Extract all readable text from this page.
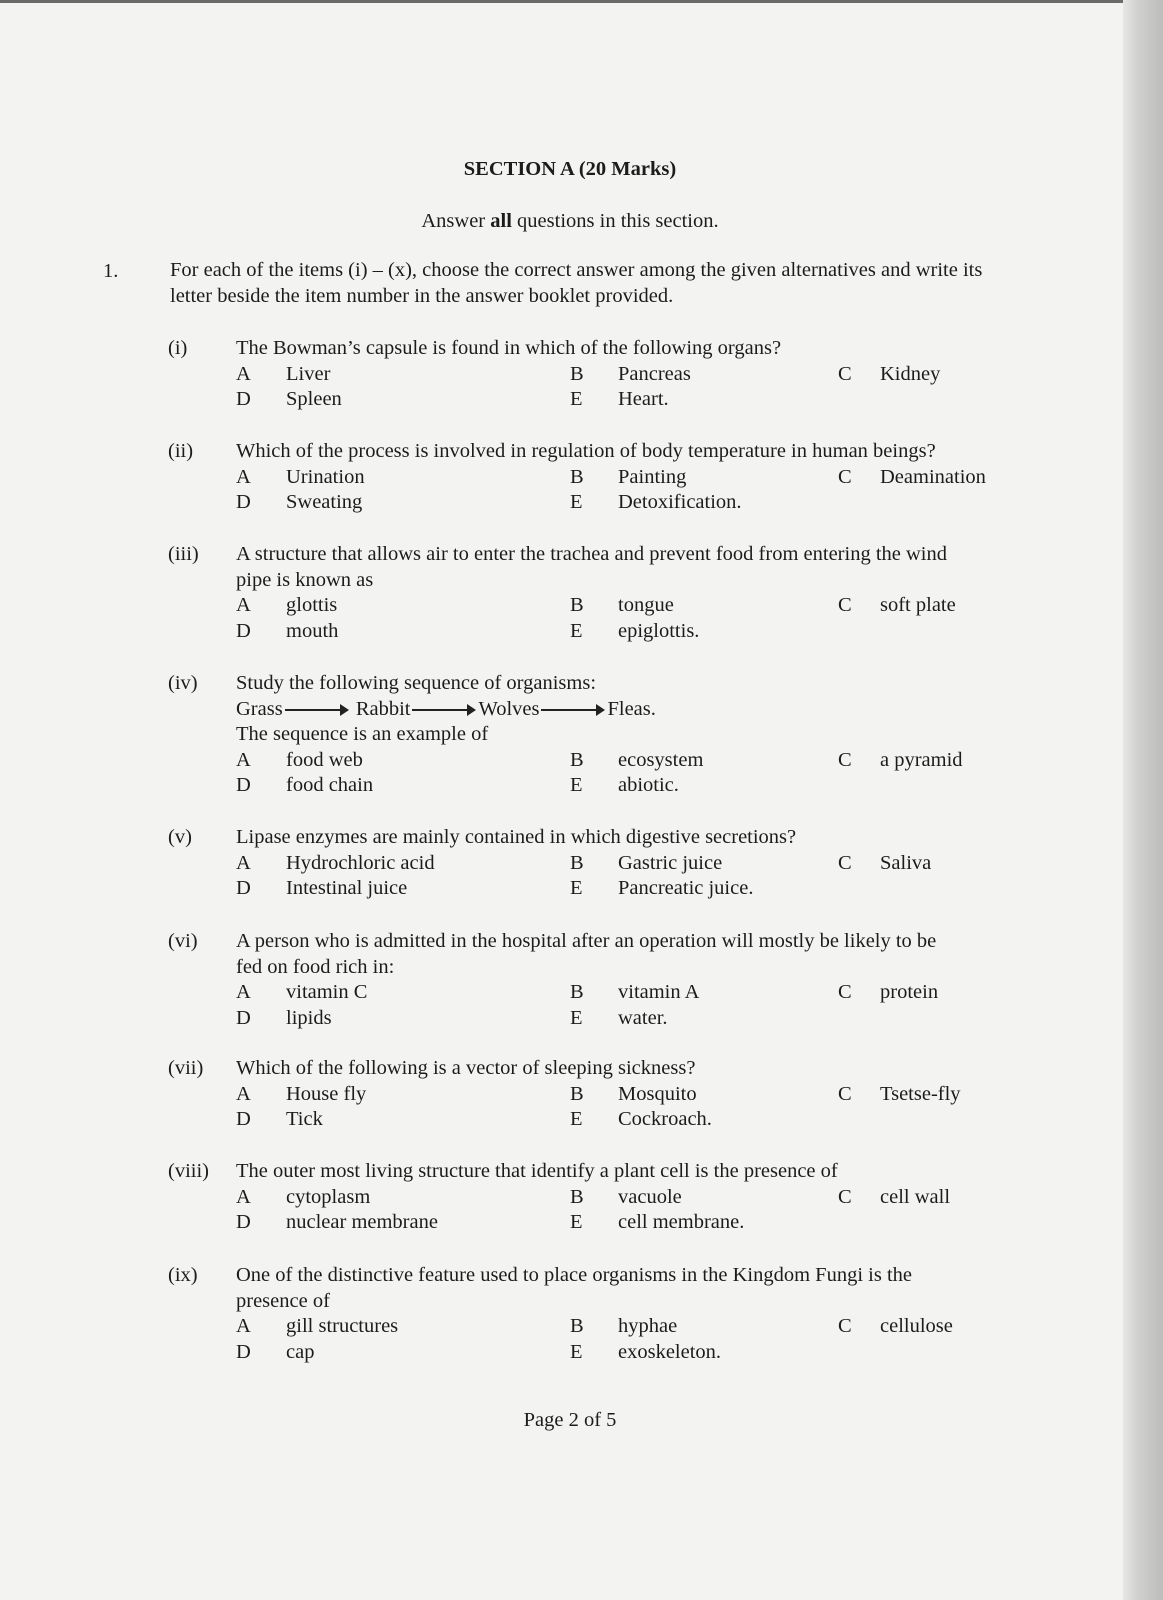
SECTION A (20 Marks)
Answer all questions in this section.
1.	For each of the items (i) – (x), choose the correct answer among the given alternatives and write its letter beside the item number in the answer booklet provided.
(i) The Bowman’s capsule is found in which of the following organs?
A Liver	B Pancreas	C Kidney
D Spleen	E Heart.
(ii) Which of the process is involved in regulation of body temperature in human beings?
A Urination	B Painting	C Deamination
D Sweating	E Detoxification.
(iii) A structure that allows air to enter the trachea and prevent food from entering the wind
pipe is known as
A glottis	B tongue	C soft plate
D mouth	E epiglottis.
(iv) Study the following sequence of organisms:
Grass	Rabbit	Wolves	Fleas.
The sequence is an example of
A food web	B ecosystem	C a pyramid
D food chain	E abiotic.
(v) Lipase enzymes are mainly contained in which digestive secretions?
A Hydrochloric acid	B Gastric juice	C Saliva
D Intestinal juice	E Pancreatic juice.
(vi) A person who is admitted in the hospital after an operation will mostly be likely to be
fed on food rich in:
A vitamin C	B vitamin A	C protein
D lipids	E water.
(vii) Which of the following is a vector of sleeping sickness?
A House fly	B Mosquito	C Tsetse-fly
D Tick	E Cockroach.
(viii) The outer most living structure that identify a plant cell is the presence of
A cytoplasm	B vacuole	C cell wall
D nuclear membrane	E cell membrane.
(ix) One of the distinctive feature used to place organisms in the Kingdom Fungi is the
presence of
A gill structures	B hyphae	C cellulose
D cap	E exoskeleton.
Page 2 of 5
